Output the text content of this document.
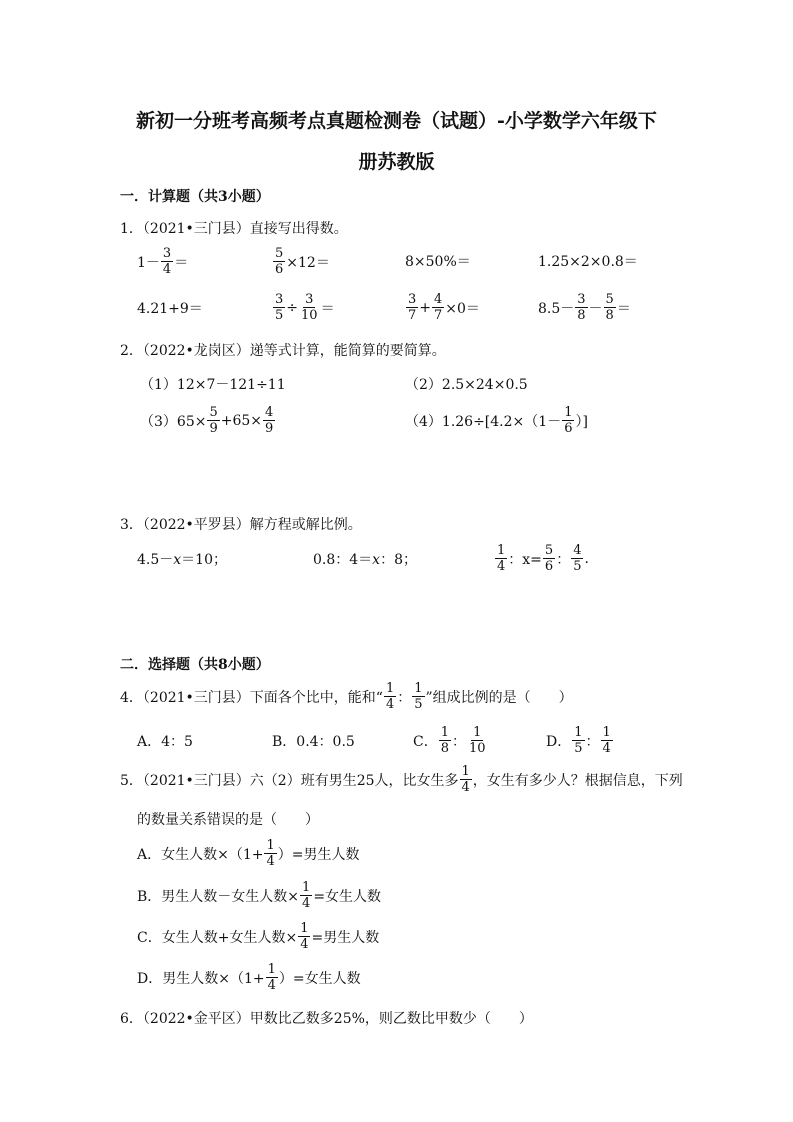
新初一分班考高频考点真题检测卷（试题）-小学数学六年级下
册苏教版
一．计算题（共3小题）
1．（2021•三门县）直接写出得数。
$1- \frac{3}{4}$ ＝	$\frac{5}{6} \times 12=$	8×50%＝	1.25×2×0.8＝
4.21+9＝	$\frac{3}{5} \div \frac{3}{10}$ ＝	$\frac{3}{7} + \frac{4}{7} \times 0=$	$8.5- \frac{3}{8} - \frac{5}{8}$ ＝
2．（2022•龙岗区）递等式计算，能简算的要简算。
（1）12×7－121÷11	（2）2.5×24×0.5
$(3)65\times \frac{5}{9} +65\times \frac{4}{9}$	$(4)1.26\div[4.2\times(1- \frac{1}{6}$ ）]
3．（2022•平罗县）解方程或解比例。
4.5－x＝10；	0.8：4＝x：8；	$\frac{1}{4}$ ：$x= \frac{5}{6}$ ： $\frac{4}{5}$ .
二．选择题（共8小题）
4．（2021•三门县）下面各个比中，能和“ $\frac{1}{4}$ ： $\frac{1}{5}$ ”组成比例的是（　　）
A．4：5	B．0.4：0.5	C． $\frac{1}{8}$ ： $\frac{1}{10}$	D． $\frac{1}{5}$ ： $\frac{1}{4}$
5．（2021•三门县）六（2）班有男生25人，比女生多 $\frac{1}{4}$ ，女生有多少人？根据信息，下列
的数量关系错误的是（　　）
A．女生人数$\times(1+ \frac{1}{4}$ ）=男生人数
B．男生人数－女生人数× $\frac{1}{4}$ =女生人数
C．女生人数+女生人数× $\frac{1}{4}$ =男生人数
D．男生人数$\times(1+ \frac{1}{4}$ ）=女生人数
6．（2022•金平区）甲数比乙数多25%，则乙数比甲数少（　　）
